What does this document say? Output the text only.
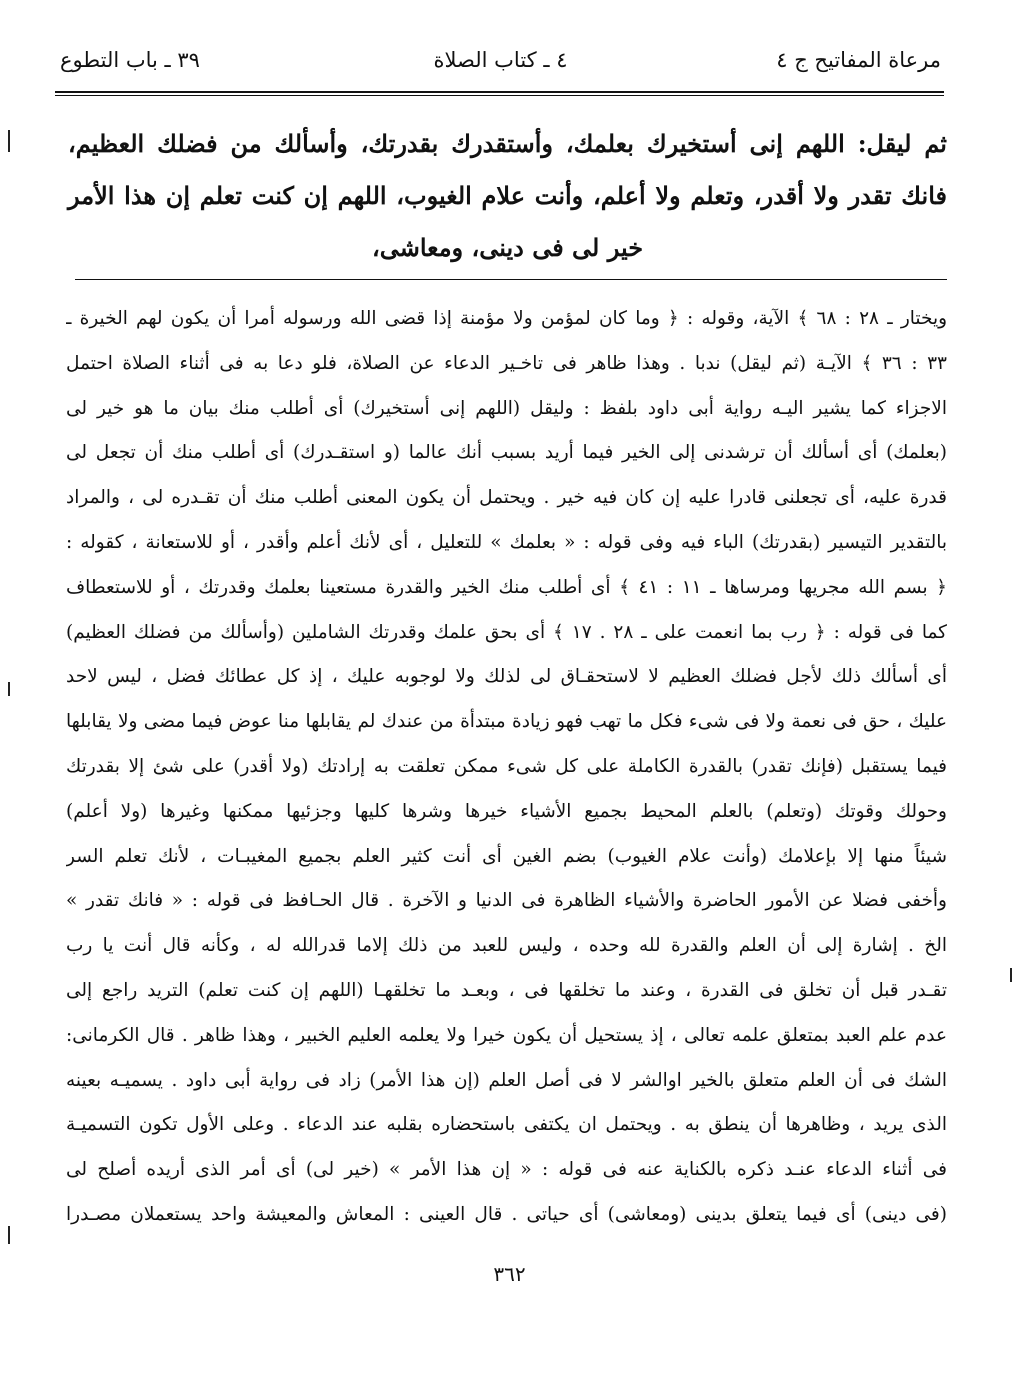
مرعاة المفاتيح ج ٤
٤ ـ كتاب الصلاة
٣٩ ـ باب التطوع
ثم ليقل: اللهم إنى أستخيرك بعلمك، وأستقدرك بقدرتك، وأسألك من فضلك العظيم، فانك تقدر ولا أقدر، وتعلم ولا أعلم، وأنت علام الغيوب، اللهم إن كنت تعلم إن هذا الأمر خير لى فى دينى، ومعاشى،
ويختار ـ ٢٨ : ٦٨ ﴾ الآية، وقوله : ﴿ وما كان لمؤمن ولا مؤمنة إذا قضى الله ورسوله أمرا أن يكون لهم الخيرة ـ
٣٣ : ٣٦ ﴾ الآيـة (ثم ليقل) ندبا . وهذا ظاهر فى تاخـير الدعاء عن الصلاة، فلو دعا به فى أثناء الصلاة احتمل
الاجزاء كما يشير اليـه رواية أبى داود بلفظ : وليقل (اللهم إنى أستخيرك) أى أطلب منك بيان ما هو خير لى
(بعلمك) أى أسألك أن ترشدنى إلى الخير فيما أريد بسبب أنك عالما (و استقـدرك) أى أطلب منك أن تجعل لى
قدرة عليه، أى تجعلنى قادرا عليه إن كان فيه خير . ويحتمل أن يكون المعنى أطلب منك أن تقـدره لى ، والمراد
بالتقدير التيسير (بقدرتك) الباء فيه وفى قوله : « بعلمك » للتعليل ، أى لأنك أعلم وأقدر ، أو للاستعانة ، كقوله :
﴿ بسم الله مجريها ومرساها ـ ١١ : ٤١ ﴾ أى أطلب منك الخير والقدرة مستعينا بعلمك وقدرتك ، أو للاستعطاف
كما فى قوله : ﴿ رب بما انعمت على ـ ٢٨ . ١٧ ﴾ أى بحق علمك وقدرتك الشاملين (وأسألك من فضلك العظيم)
أى أسألك ذلك لأجل فضلك العظيم لا لاستحقـاق لى لذلك ولا لوجوبه عليك ، إذ كل عطائك فضل ، ليس لاحد
عليك ، حق فى نعمة ولا فى شىء فكل ما تهب فهو زيادة مبتدأة من عندك لم يقابلها منا عوض فيما مضى ولا يقابلها
فيما يستقبل (فإنك تقدر) بالقدرة الكاملة على كل شىء ممكن تعلقت به إرادتك (ولا أقدر) على شئ إلا بقدرتك
وحولك وقوتك (وتعلم) بالعلم المحيط بجميع الأشياء خيرها وشرها كليها وجزئيها ممكنها وغيرها (ولا أعلم)
شيئاً منها إلا بإعلامك (وأنت علام الغيوب) بضم الغين أى أنت كثير العلم بجميع المغيبـات ، لأنك تعلم السر
وأخفى فضلا عن الأمور الحاضرة والأشياء الظاهرة فى الدنيا و الآخرة . قال الحـافظ فى قوله : « فانك تقدر »
الخ . إشارة إلى أن العلم والقدرة لله وحده ، وليس للعبد من ذلك إلاما قدرالله له ، وكأنه قال أنت يا رب
تقـدر قبل أن تخلق فى القدرة ، وعند ما تخلقها فى ، وبعـد ما تخلقهـا (اللهم إن كنت تعلم) التريد راجع إلى
عدم علم العبد بمتعلق علمه تعالى ، إذ يستحيل أن يكون خيرا ولا يعلمه العليم الخبير ، وهذا ظاهر . قال الكرمانى:
الشك فى أن العلم متعلق بالخير اوالشر لا فى أصل العلم (إن هذا الأمر) زاد فى رواية أبى داود . يسميـه بعينه
الذى يريد ، وظاهرها أن ينطق به . ويحتمل ان يكتفى باستحضاره بقلبه عند الدعاء . وعلى الأول تكون التسميـة
فى أثناء الدعاء عنـد ذكره بالكناية عنه فى قوله : « إن هذا الأمر » (خير لى) أى أمر الذى أريده أصلح لى
(فى دينى) أى فيما يتعلق بدينى (ومعاشى) أى حياتى . قال العينى : المعاش والمعيشة واحد يستعملان مصـدرا
٣٦٢
